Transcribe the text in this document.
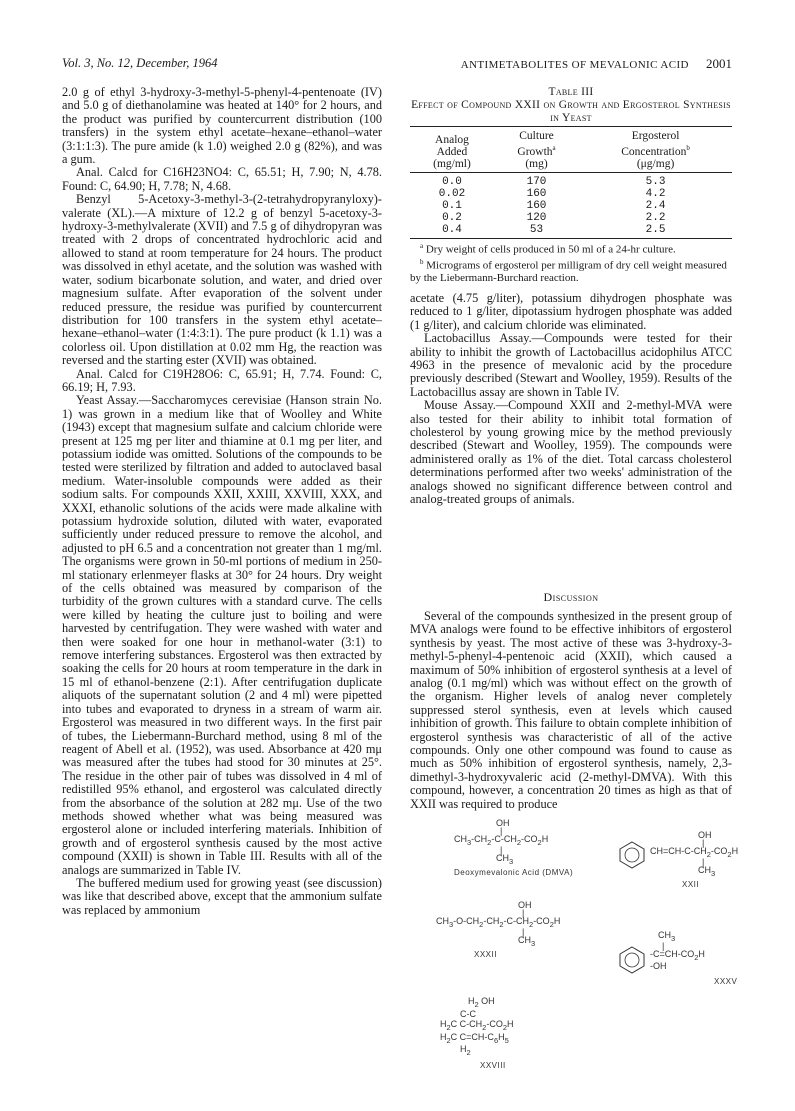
Vol. 3, No. 12, December, 1964	ANTIMETABOLITES OF MEVALONIC ACID 2001

2.0 g of ethyl 3-hydroxy-3-methyl-5-phenyl-4-pentenoate (IV) and 5.0 g of diethanolamine was heated at 140° for 2 hours, and the product was purified by countercurrent distribution (100 transfers) in the system ethyl acetate–hexane–ethanol–water (3:1:1:3). The pure amide (k 1.0) weighed 2.0 g (82%), and was a gum.

Anal. Calcd for C16H23NO4: C, 65.51; H, 7.90; N, 4.78. Found: C, 64.90; H, 7.78; N, 4.68.

Benzyl 5-Acetoxy-3-methyl-3-(2-tetrahydropyranyloxy)-valerate (XL).—A mixture of 12.2 g of benzyl 5-acetoxy-3-hydroxy-3-methylvalerate (XVII) and 7.5 g of dihydropyran was treated with 2 drops of concentrated hydrochloric acid and allowed to stand at room temperature for 24 hours. The product was dissolved in ethyl acetate, and the solution was washed with water, sodium bicarbonate solution, and water, and dried over magnesium sulfate. After evaporation of the solvent under reduced pressure, the residue was purified by countercurrent distribution for 100 transfers in the system ethyl acetate–hexane–ethanol–water (1:4:3:1). The pure product (k 1.1) was a colorless oil. Upon distillation at 0.02 mm Hg, the reaction was reversed and the starting ester (XVII) was obtained.

Anal. Calcd for C19H28O6: C, 65.91; H, 7.74. Found: C, 66.19; H, 7.93.

Yeast Assay.—Saccharomyces cerevisiae (Hanson strain No. 1) was grown in a medium like that of Woolley and White (1943) except that magnesium sulfate and calcium chloride were present at 125 mg per liter and thiamine at 0.1 mg per liter, and potassium iodide was omitted. Solutions of the compounds to be tested were sterilized by filtration and added to autoclaved basal medium. Water-insoluble compounds were added as their sodium salts. For compounds XXII, XXIII, XXVIII, XXX, and XXXI, ethanolic solutions of the acids were made alkaline with potassium hydroxide solution, diluted with water, evaporated sufficiently under reduced pressure to remove the alcohol, and adjusted to pH 6.5 and a concentration not greater than 1 mg/ml. The organisms were grown in 50-ml portions of medium in 250-ml stationary erlenmeyer flasks at 30° for 24 hours. Dry weight of the cells obtained was measured by comparison of the turbidity of the grown cultures with a standard curve. The cells were killed by heating the culture just to boiling and were harvested by centrifugation. They were washed with water and then were soaked for one hour in methanol-water (3:1) to remove interfering substances. Ergosterol was then extracted by soaking the cells for 20 hours at room temperature in the dark in 15 ml of ethanol-benzene (2:1). After centrifugation duplicate aliquots of the supernatant solution (2 and 4 ml) were pipetted into tubes and evaporated to dryness in a stream of warm air. Ergosterol was measured in two different ways. In the first pair of tubes, the Liebermann-Burchard method, using 8 ml of the reagent of Abell et al. (1952), was used. Absorbance at 420 mμ was measured after the tubes had stood for 30 minutes at 25°. The residue in the other pair of tubes was dissolved in 4 ml of redistilled 95% ethanol, and ergosterol was calculated directly from the absorbance of the solution at 282 mμ. Use of the two methods showed whether what was being measured was ergosterol alone or included interfering materials. Inhibition of growth and of ergosterol synthesis caused by the most active compound (XXII) is shown in Table III. Results with all of the analogs are summarized in Table IV.

The buffered medium used for growing yeast (see discussion) was like that described above, except that the ammonium sulfate was replaced by ammonium

Table III
Effect of Compound XXII on Growth and Ergosterol Synthesis in Yeast
Analog
Added
(mg/ml)	Culture
Growth$^a$
(mg)	Ergosterol
Concentration$^b$
(μg/mg)
0.0	170	5.3
0.02	160	4.2
0.1	160	2.4
0.2	120	2.2
0.4	53	2.5

$^a$ Dry weight of cells produced in 50 ml of a 24-hr culture.

$^b$ Micrograms of ergosterol per milligram of dry cell weight measured by the Liebermann-Burchard reaction.

acetate (4.75 g/liter), potassium dihydrogen phosphate was reduced to 1 g/liter, dipotassium hydrogen phosphate was added (1 g/liter), and calcium chloride was eliminated.

Lactobacillus Assay.—Compounds were tested for their ability to inhibit the growth of Lactobacillus acidophilus ATCC 4963 in the presence of mevalonic acid by the procedure previously described (Stewart and Woolley, 1959). Results of the Lactobacillus assay are shown in Table IV.

Mouse Assay.—Compound XXII and 2-methyl-MVA were also tested for their ability to inhibit total formation of cholesterol by young growing mice by the method previously described (Stewart and Woolley, 1959). The compounds were administered orally as 1% of the diet. Total carcass cholesterol determinations performed after two weeks' administration of the analogs showed no significant difference between control and analog-treated groups of animals.

Discussion

Several of the compounds synthesized in the present group of MVA analogs were found to be effective inhibitors of ergosterol synthesis by yeast. The most active of these was 3-hydroxy-3-methyl-5-phenyl-4-pentenoic acid (XXII), which caused a maximum of 50% inhibition of ergosterol synthesis at a level of analog (0.1 mg/ml) which was without effect on the growth of the organism. Higher levels of analog never completely suppressed sterol synthesis, even at levels which caused inhibition of growth. This failure to obtain complete inhibition of ergosterol synthesis was characteristic of all of the active compounds. Only one other compound was found to cause as much as 50% inhibition of ergosterol synthesis, namely, 2,3-dimethyl-3-hydroxyvaleric acid (2-methyl-DMVA). With this compound, however, a concentration 20 times as high as that of XXII was required to produce

OH
|
$CH_3-CH_2-C-CH_2-CO_2H$
|
$CH_3$
Deoxymevalonic Acid (DMVA)
OH
|
$CH_3-O-CH_2-CH_2-C-CH_2-CO_2H$
|
$CH_3$
XXXII
OH
|
$CH=CH-C-CH_2-CO_2H$
|
$CH_3$
XXII
$CH_3$
|
$-C=CH-CO_2H$
-OH
XXXV
$H_2$ OH
C-C
$H_2C$ $C-CH_2-CO_2H$
$H_2C$ $C=CH-C_6H_5$
$H_2$
XXVIII
